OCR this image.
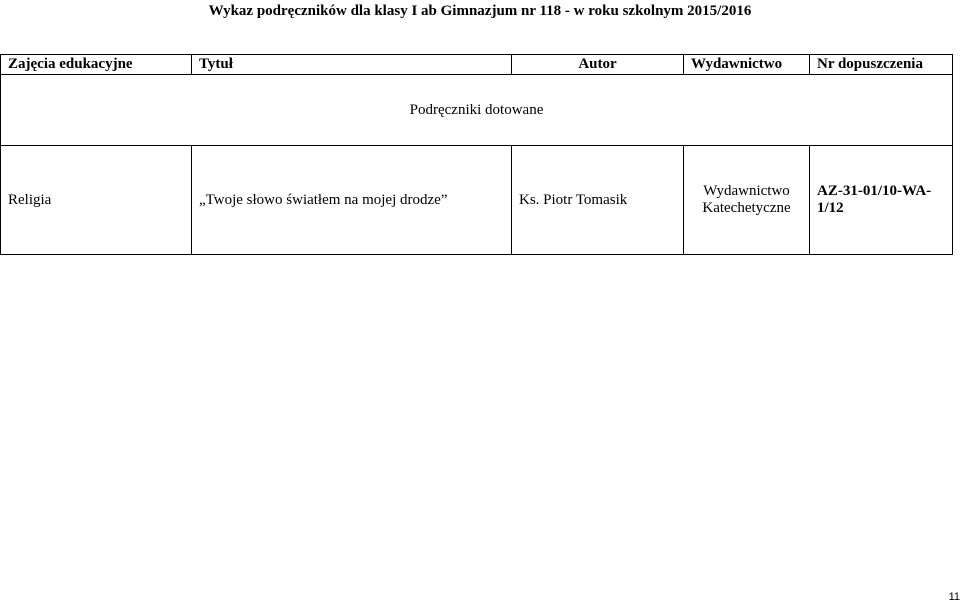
Wykaz podręczników dla klasy I ab Gimnazjum nr 118 - w roku szkolnym 2015/2016
Zajęcia edukacyjne	Tytuł	Autor	Wydawnictwo	Nr dopuszczenia
Podręczniki dotowane				
Religia	„Twoje słowo światłem na mojej drodze”	Ks. Piotr Tomasik	Wydawnictwo Katechetyczne	AZ-31-01/10-WA-1/12
11
